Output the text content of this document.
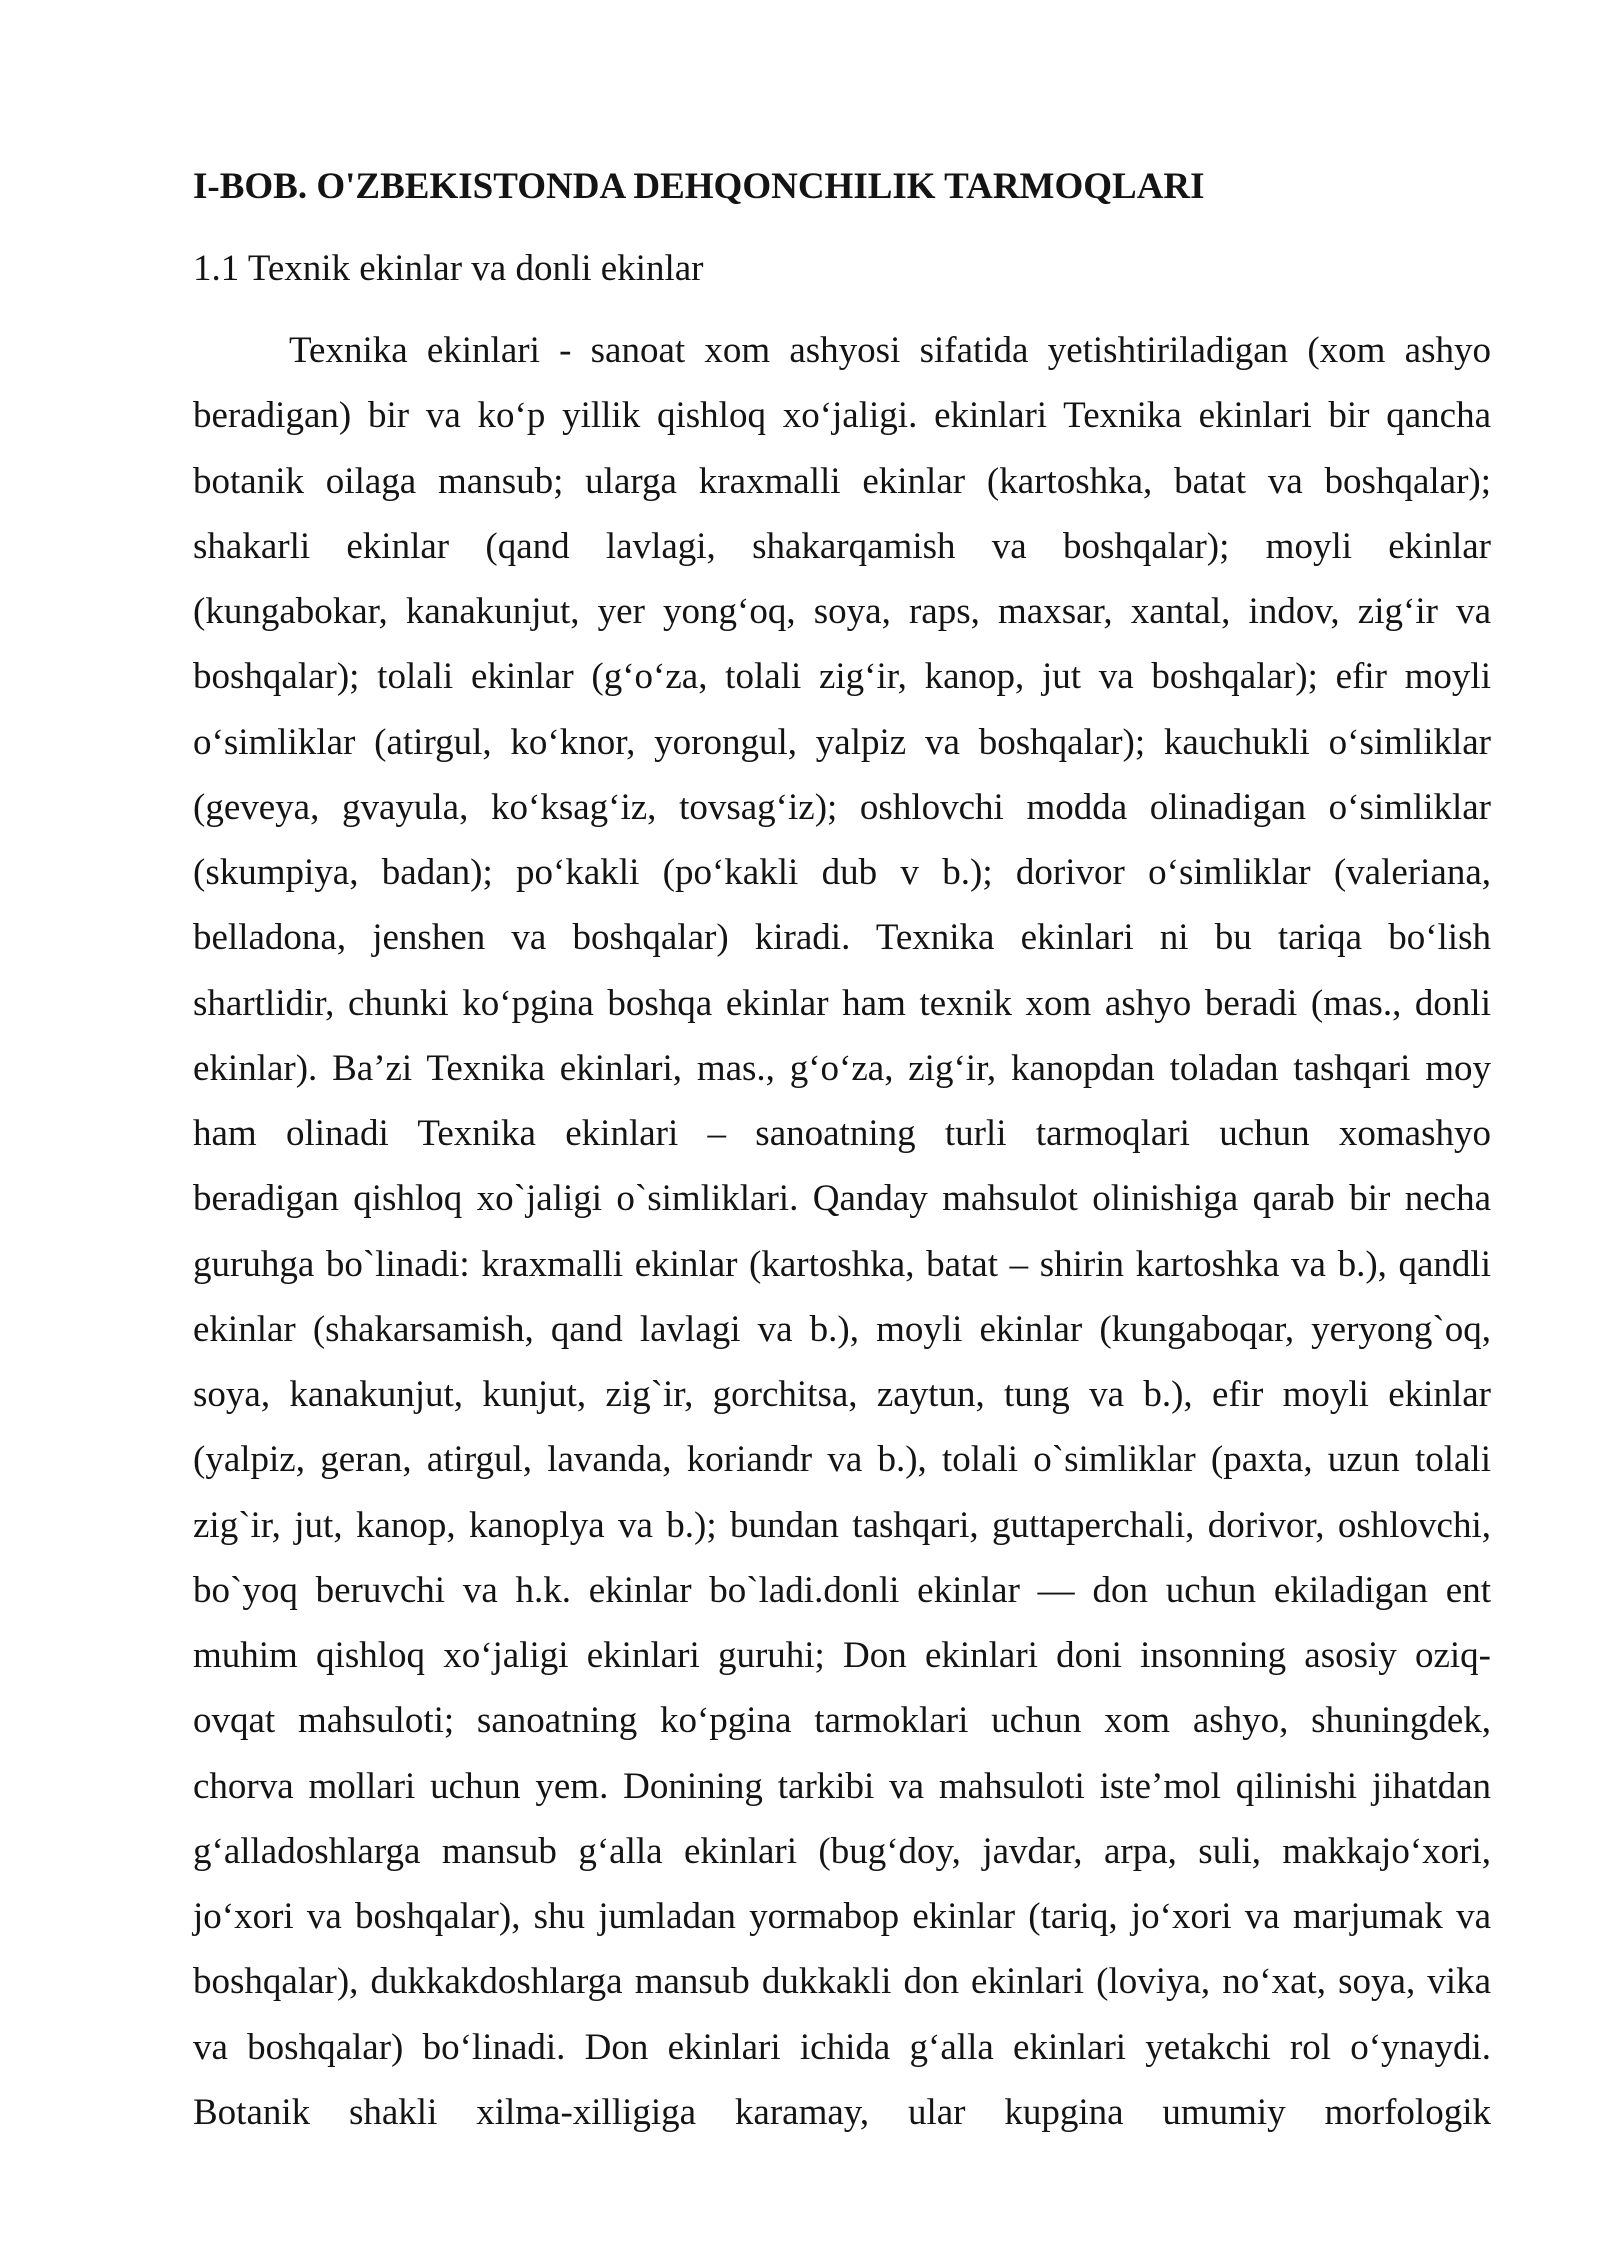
I-BOB. O'ZBEKISTONDA DEHQONCHILIK TARMOQLARI
1.1 Texnik ekinlar va donli ekinlar
Texnika ekinlari - sanoat xom ashyosi sifatida yetishtiriladigan (xom ashyo
beradigan) bir va ko‘p yillik qishloq xo‘jaligi. ekinlari Texnika ekinlari bir qancha
botanik oilaga mansub; ularga kraxmalli ekinlar (kartoshka, batat va boshqalar);
shakarli ekinlar (qand lavlagi, shakarqamish va boshqalar); moyli ekinlar
(kungabokar, kanakunjut, yer yong‘oq, soya, raps, maxsar, xantal, indov, zig‘ir va
boshqalar); tolali ekinlar (g‘o‘za, tolali zig‘ir, kanop, jut va boshqalar); efir moyli
o‘simliklar (atirgul, ko‘knor, yorongul, yalpiz va boshqalar); kauchukli o‘simliklar
(geveya, gvayula, ko‘ksag‘iz, tovsag‘iz); oshlovchi modda olinadigan o‘simliklar
(skumpiya, badan); po‘kakli (po‘kakli dub v b.); dorivor o‘simliklar (valeriana,
belladona, jenshen va boshqalar) kiradi. Texnika ekinlari ni bu tariqa bo‘lish
shartlidir, chunki ko‘pgina boshqa ekinlar ham texnik xom ashyo beradi (mas., donli
ekinlar). Ba’zi Texnika ekinlari, mas., g‘o‘za, zig‘ir, kanopdan toladan tashqari moy
ham olinadi Texnika ekinlari – sanoatning turli tarmoqlari uchun xomashyo
beradigan qishloq xo`jaligi o`simliklari. Qanday mahsulot olinishiga qarab bir necha
guruhga bo`linadi: kraxmalli ekinlar (kartoshka, batat – shirin kartoshka va b.), qandli
ekinlar (shakarsamish, qand lavlagi va b.), moyli ekinlar (kungaboqar, yeryong`oq,
soya, kanakunjut, kunjut, zig`ir, gorchitsa, zaytun, tung va b.), efir moyli ekinlar
(yalpiz, geran, atirgul, lavanda, koriandr va b.), tolali o`simliklar (paxta, uzun tolali
zig`ir, jut, kanop, kanoplya va b.); bundan tashqari, guttaperchali, dorivor, oshlovchi,
bo`yoq beruvchi va h.k. ekinlar bo`ladi.donli ekinlar — don uchun ekiladigan ent
muhim qishloq xo‘jaligi ekinlari guruhi; Don ekinlari doni insonning asosiy oziq-
ovqat mahsuloti; sanoatning ko‘pgina tarmoklari uchun xom ashyo, shuningdek,
chorva mollari uchun yem. Donining tarkibi va mahsuloti iste’mol qilinishi jihatdan
g‘alladoshlarga mansub g‘alla ekinlari (bug‘doy, javdar, arpa, suli, makkajo‘xori,
jo‘xori va boshqalar), shu jumladan yormabop ekinlar (tariq, jo‘xori va marjumak va
boshqalar), dukkakdoshlarga mansub dukkakli don ekinlari (loviya, no‘xat, soya, vika
va boshqalar) bo‘linadi. Don ekinlari ichida g‘alla ekinlari yetakchi rol o‘ynaydi.
Botanik shakli xilma-xilligiga karamay, ular kupgina umumiy morfologik
